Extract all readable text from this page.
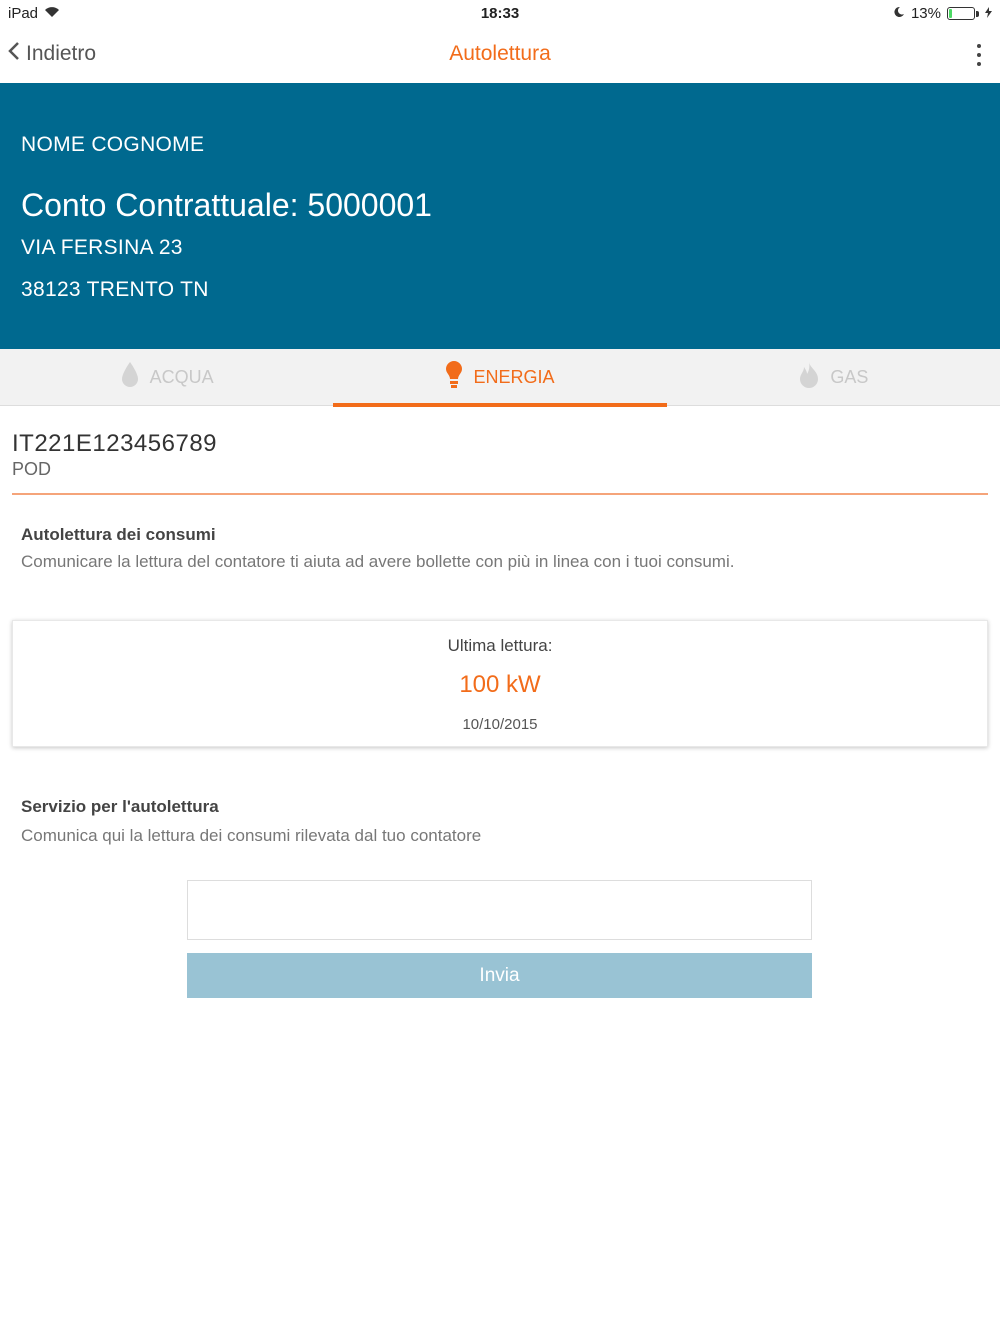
iPad	18:33	13%
Indietro	Autolettura
NOME COGNOME
Conto Contrattuale: 5000001
VIA FERSINA 23
38123 TRENTO TN
ACQUA	ENERGIA	GAS
IT221E123456789
POD
Autolettura dei consumi
Comunicare la lettura del contatore ti aiuta ad avere bollette con più in linea con i tuoi consumi.
Ultima lettura:
100 kW
10/10/2015
Servizio per l'autolettura
Comunica qui la lettura dei consumi rilevata dal tuo contatore
Invia
